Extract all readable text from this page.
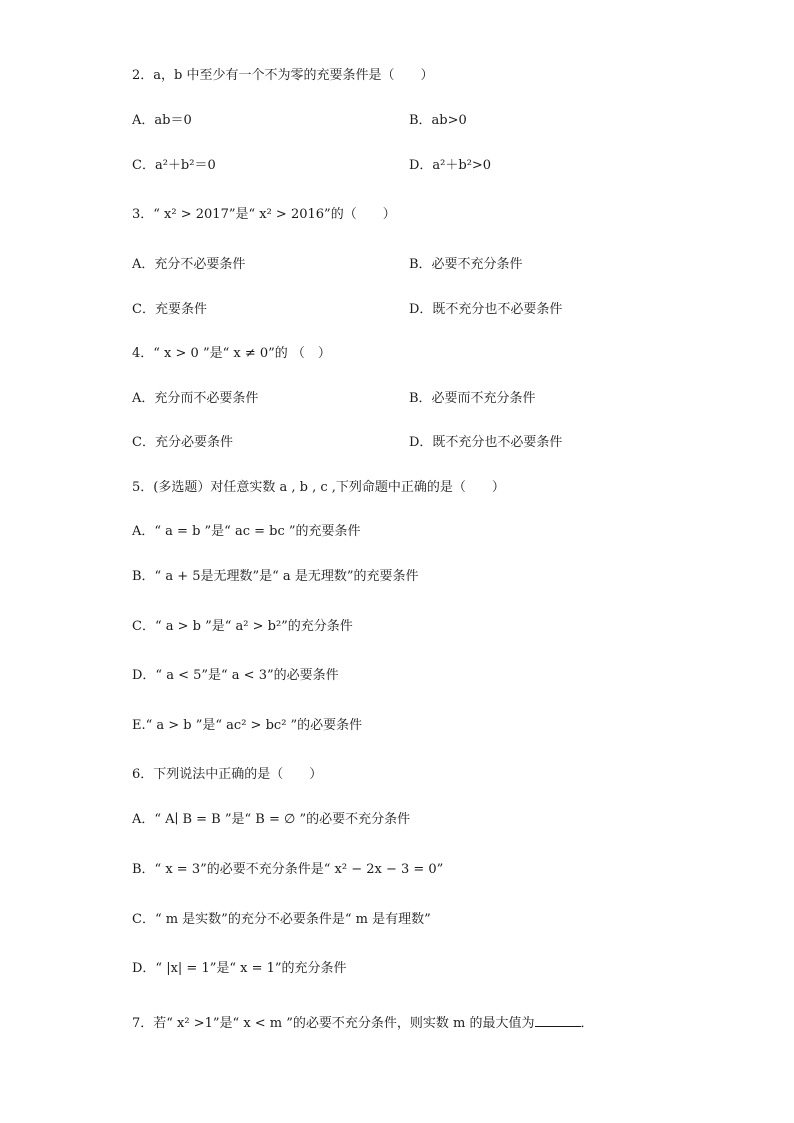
2．a，b 中至少有一个不为零的充要条件是（　　）
A．ab＝0	B．ab>0
C．a²＋b²＝0	D．a²＋b²>0
3．“ x² > 2017”是“ x² > 2016”的（　　）
A．充分不必要条件	B．必要不充分条件
C．充要条件	D．既不充分也不必要条件
4．“ x > 0 ”是“ x ≠ 0”的 （　）
A．充分而不必要条件	B．必要而不充分条件
C．充分必要条件	D．既不充分也不必要条件
5．(多选题）对任意实数 a , b , c ,下列命题中正确的是（　　）
A．“ a = b ”是“ ac = bc ”的充要条件
B．“ a + 5是无理数”是“ a 是无理数”的充要条件
C．“ a > b ”是“ a² > b²”的充分条件
D．“ a < 5”是“ a < 3”的必要条件
E.“ a > b ”是“ ac² > bc² ”的必要条件
6．下列说法中正确的是（　　）
A．“ A∣ B = B ”是“ B = ∅ ”的必要不充分条件
B．“ x = 3”的必要不充分条件是“ x² − 2x − 3 = 0”
C．“ m 是实数”的充分不必要条件是“ m 是有理数”
D．“ |x| = 1”是“ x = 1”的充分条件
7．若“ x² >1”是“ x < m ”的必要不充分条件，则实数 m 的最大值为	．
